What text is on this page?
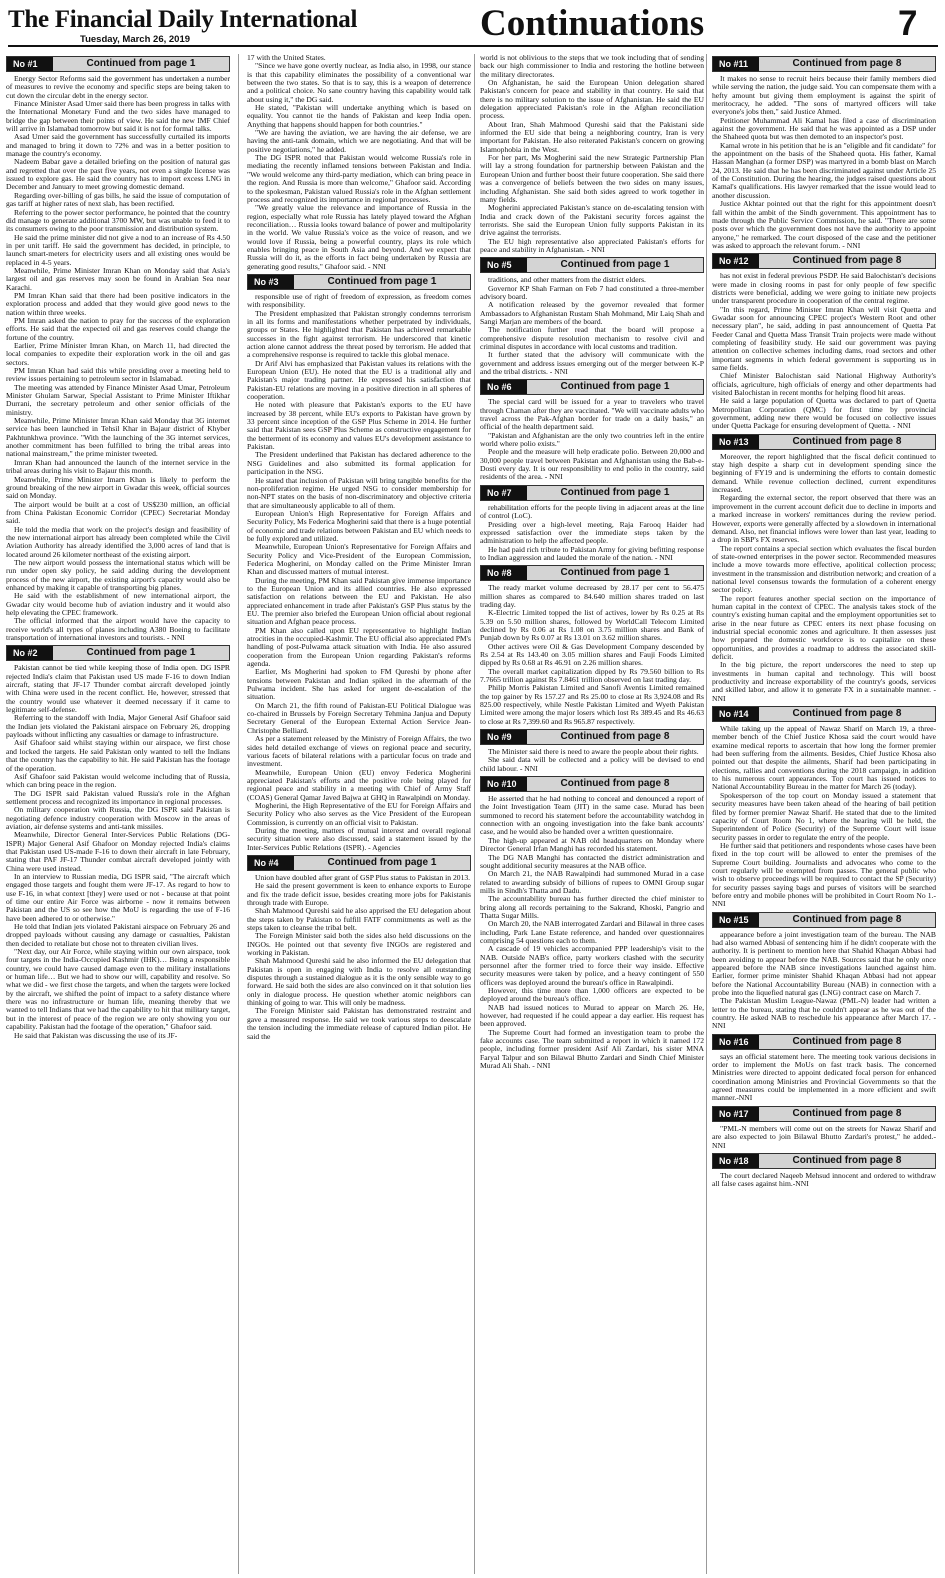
The Financial Daily International
Tuesday, March 26, 2019	Continuations	7
No #1	Continued from page 1

Energy Sector Reforms said the government has undertaken a number of measures to revive the economy and specific steps are being taken to cut down the circular debt in the energy sector.

Finance Minister Asad Umer said there has been progress in talks with the International Monetary Fund and the two sides have managed to bridge the gap between their points of view. He said the new IMF Chief will arrive in Islamabad tomorrow but said it is not for formal talks.

Asad Umer said the government has successfully curtailed its imports and managed to bring it down to 72% and was in a better position to manage the country's economy.

Nadeem Babar gave a detailed briefing on the position of natural gas and regretted that over the past five years, not even a single license was issued to explore gas. He said the country has to import excess LNG in December and January to meet growing domestic demand.

Regarding over-billing of gas bills, he said the issue of computation of gas tariff at higher rates of next slab, has been rectified.

Referring to the power sector performance, he pointed that the country did manage to generate additional 3700 MW, but was unable to feed it to its consumers owing to the poor transmission and distribution system.

He said the prime minister did not give a nod to an increase of Rs 4.50 in per unit tariff. He said the government has decided, in principle, to launch smart-meters for electricity users and all existing ones would be replaced in 4-5 years.

Meanwhile, Prime Minister Imran Khan on Monday said that Asia's largest oil and gas reserves may soon be found in Arabian Sea near Karachi.

PM Imran Khan said that there had been positive indicators in the exploration process and added that they would give good news to the nation within three weeks.

PM Imran asked the nation to pray for the success of the exploration efforts. He said that the expected oil and gas reserves could change the fortune of the country.

Earlier, Prime Minister Imran Khan, on March 11, had directed the local companies to expedite their exploration work in the oil and gas sectors.

PM Imran Khan had said this while presiding over a meeting held to review issues pertaining to petroleum sector in Islamabad.

The meeting was attended by Finance Minister Asad Umar, Petroleum Minister Ghulam Sarwar, Special Assistant to Prime Minister Iftikhar Durrani, the secretary petroleum and other senior officials of the ministry.

Meanwhile, Prime Minister Imran Khan said Monday that 3G internet service has been launched in Tehsil Khar in Bajaur district of Khyber Pakhtunkhwa province. "With the launching of the 3G internet services, another commitment has been fulfilled to bring the tribal areas into national mainstream," the prime minister tweeted.

Imran Khan had announced the launch of the internet service in the tribal areas during his visit to Bajaur this month.

Meanwhile, Prime Minister Imarn Khan is likely to perform the ground breaking of the new airport in Gwadar this week, official sources said on Monday.

The airport would be built at a cost of US$230 million, an official from China Pakistan Economic Corridor (CPEC) Secretariat Monday said.

He told the media that work on the project's design and feasibility of the new international airport has already been completed while the Civil Aviation Authority has already identified the 3,000 acres of land that is located around 26 kilometer northeast of the existing airport.

The new airport would possess the international status which will be run under open sky policy, he said adding during the development process of the new airport, the existing airport's capacity would also be enhanced by making it capable of transporting big planes.

He said with the establishment of new international airport, the Gwadar city would become hub of aviation industry and it would also help elevating the CPEC framework.

The official informed that the airport would have the capacity to receive world's all types of planes including A380 Boeing to facilitate transportation of international investors and tourists. - NNI

No #2	Continued from page 1

Pakistan cannot be tied while keeping those of India open. DG ISPR rejected India's claim that Pakistan used US made F-16 to down Indian aircraft, stating that JF-17 Thunder combat aircraft developed jointly with China were used in the recent conflict. He, however, stressed that the country would use whatever it deemed necessary if it came to legitimate self-defense.

Referring to the standoff with India, Major General Asif Ghafoor said the Indian jets violated the Pakistani airspace on February 26, dropping payloads without inflicting any casualties or damage to infrastructure.

Asif Ghafoor said whilst staying within our airspace, we first chose and locked the targets. He said Pakistan only wanted to tell the Indians that the country has the capability to hit. He said Pakistan has the footage of the operation.

Asif Ghafoor said Pakistan would welcome including that of Russia, which can bring peace in the region.

The DG ISPR said Pakistan valued Russia's role in the Afghan settlement process and recognized its importance in regional processes.

On military cooperation with Russia, the DG ISPR said Pakistan is negotiating defence industry cooperation with Moscow in the areas of aviation, air defense systems and anti-tank missiles.

Meanwhile, Director General Inter-Services Public Relations (DG-ISPR) Major General Asif Ghafoor on Monday rejected India's claims that Pakistan used US-made F-16 to down their aircraft in late February, stating that PAF JF-17 Thunder combat aircraft developed jointly with China were used instead.

In an interview to Russian media, DG ISPR said, "The aircraft which engaged those targets and fought them were JF-17. As regard to how to use F-16, in what context [they] were used or not - because at that point of time our entire Air Force was airborne - now it remains between Pakistan and the US so see how the MoU is regarding the use of F-16 have been adhered to or otherwise."

He told that Indian jets violated Pakistani airspace on February 26 and dropped payloads without causing any damage or casualties, Pakistan then decided to retaliate but chose not to threaten civilian lives.

"Next day, our Air Force, while staying within our own airspace, took four targets in the India-Occupied Kashmir (IHK)… Being a responsible country, we could have caused damage even to the military installations or human life… But we had to show our will, capability and resolve. So what we did - we first chose the targets, and when the targets were locked by the aircraft, we shifted the point of impact to a safety distance where there was no infrastructure or human life, meaning thereby that we wanted to tell Indians that we had the capability to hit that military target, but in the interest of peace of the region we are only showing you our capability. Pakistan had the footage of the operation," Ghafoor said.

He said that Pakistan was discussing the use of its JF-

17 with the United States.

"Since we have gone overtly nuclear, as India also, in 1998, our stance is that this capability eliminates the possibility of a conventional war between the two states. So that is to say, this is a weapon of deterrence and a political choice. No sane country having this capability would talk about using it," the DG said.

He stated, "Pakistan will undertake anything which is based on equality. You cannot tie the hands of Pakistan and keep India open. Anything that happens should happen for both countries."

"We are having the aviation, we are having the air defense, we are having the anti-tank domain, which we are negotiating. And that will be positive negotiations," he added.

The DG ISPR noted that Pakistan would welcome Russia's role in mediating the recently inflamed tensions between Pakistan and India. "We would welcome any third-party mediation, which can bring peace in the region. And Russia is more than welcome," Ghafoor said. According to the spokesman, Pakistan valued Russia's role in the Afghan settlement process and recognized its importance in regional processes.

"We greatly value the relevance and importance of Russia in the region, especially what role Russia has lately played toward the Afghan reconciliation… Russia looks toward balance of power and multipolarity in the world. We value Russia's voice as the voice of reason, and we would love if Russia, being a powerful country, plays its role which enables bringing peace in South Asia and beyond. And we expect that Russia will do it, as the efforts in fact being undertaken by Russia are generating good results," Ghafoor said. - NNI

No #3	Continued from page 1

responsible use of right of freedom of expression, as freedom comes with responsibility.

The President emphasized that Pakistan strongly condemns terrorism in all its forms and manifestations whether perpetrated by individuals, groups or States. He highlighted that Pakistan has achieved remarkable successes in the fight against terrorism. He underscored that kinetic action alone cannot address the threat posed by terrorism. He added that a comprehensive response is required to tackle this global menace.

Dr Arif Alvi has emphasized that Pakistan values its relations with the European Union (EU). He noted that the EU is a traditional ally and Pakistan's major trading partner. He expressed his satisfaction that Pakistan-EU relations are moving in a positive direction in all spheres of cooperation.

He noted with pleasure that Pakistan's exports to the EU have increased by 38 percent, while EU's exports to Pakistan have grown by 33 percent since inception of the GSP Plus Scheme in 2014. He further said that Pakistan sees GSP Plus Scheme as constructive engagement for the betterment of its economy and values EU's development assistance to Pakistan.

The President underlined that Pakistan has declared adherence to the NSG Guidelines and also submitted its formal application for participation in the NSG.

He stated that inclusion of Pakistan will bring tangible benefits for the non-proliferation regime. He urged NSG to consider membership for non-NPT states on the basis of non-discriminatory and objective criteria that are simultaneously applicable to all of them.

European Union's High Representative for Foreign Affairs and Security Policy, Ms Federica Mogherini said that there is a huge potential of economic and trade relations between Pakistan and EU which needs to be fully explored and utilized.

Meanwhile, European Union's Representative for Foreign Affairs and Security Policy and Vice-President of the European Commission, Federica Mogherini, on Monday called on the Prime Minister Imran Khan and discussed matters of mutual interest.

During the meeting, PM Khan said Pakistan give immense importance to the European Union and its allied countries. He also expressed satisfaction on relations between the EU and Pakistan. He also appreciated enhancement in trade after Pakistan's GSP Plus status by the EU. The premier also briefed the European Union official about regional situation and Afghan peace process.

PM Khan also called upon EU representative to highlight Indian atrocities in the occupied-Kashmir. The EU official also appreciated PM's handling of post-Pulwama attack situation with India. He also assured cooperation from the European Union regarding Pakistan's reforms agenda.

Earlier, Ms Mogherini had spoken to FM Qureshi by phone after tensions between Pakistan and Indian spiked in the aftermath of the Pulwama incident. She has asked for urgent de-escalation of the situation.

On March 21, the fifth round of Pakistan-EU Political Dialogue was co-chaired in Brussels by Foreign Secretary Tehmina Janjua and Deputy Secretary General of the European External Action Service Jean-Christophe Belliard.

As per a statement released by the Ministry of Foreign Affairs, the two sides held detailed exchange of views on regional peace and security, various facets of bilateral relations with a particular focus on trade and investment.

Meanwhile, European Union (EU) envoy Federica Mogherini appreciated Pakistan's efforts and the positive role being played for regional peace and stability in a meeting with Chief of Army Staff (COAS) General Qamar Javed Bajwa at GHQ in Rawalpindi on Monday.

Mogherini, the High Representative of the EU for Foreign Affairs and Security Policy who also serves as the Vice President of the European Commission, is currently on an official visit to Pakistan.

During the meeting, matters of mutual interest and overall regional security situation were also discussed, said a statement issued by the Inter-Services Public Relations (ISPR). - Agencies

No #4	Continued from page 1

Union have doubled after grant of GSP Plus status to Pakistan in 2013.

He said the present government is keen to enhance exports to Europe and fix the trade deficit issue, besides creating more jobs for Pakistanis through trade with Europe.

Shah Mahmood Qureshi said he also apprised the EU delegation about the steps taken by Pakistan to fulfill FATF commitments as well as the steps taken to cleanse the tribal belt.

The Foreign Minister said both the sides also held discussions on the INGOs. He pointed out that seventy five INGOs are registered and working in Pakistan.

Shah Mahmood Qureshi said he also informed the EU delegation that Pakistan is open in engaging with India to resolve all outstanding disputes through a sustained dialogue as it is the only sensible way to go forward. He said both the sides are also convinced on it that solution lies only in dialogue process. He question whether atomic neighbors can thinking of going to war. This will only be madness.

The Foreign Minister said Pakistan has demonstrated restraint and gave a measured response. He said we took various steps to deescalate the tension including the immediate release of captured Indian pilot. He said the

world is not oblivious to the steps that we took including that of sending back our high commissioner to India and restoring the hotline between the military directorates.

On Afghanistan, he said the European Union delegation shared Pakistan's concern for peace and stability in that country. He said that there is no military solution to the issue of Afghanistan. He said the EU delegation appreciated Pakistan's role in the Afghan reconciliation process.

About Iran, Shah Mahmood Qureshi said that the Pakistani side informed the EU side that being a neighboring country, Iran is very important for Pakistan. He also reiterated Pakistan's concern on growing Islamophobia in the West.

For her part, Ms Mogherini said the new Strategic Partnership Plan will lay a strong foundation for partnership between Pakistan and the European Union and further boost their future cooperation. She said there was a convergence of beliefs between the two sides on many issues, including Afghanistan. She said both sides agreed to work together in many fields.

Mogherini appreciated Pakistan's stance on de-escalating tension with India and crack down of the Pakistani security forces against the terrorists. She said the European Union fully supports Pakistan in its drive against the terrorists.

The EU high representative also appreciated Pakistan's efforts for peace and stability in Afghanistan. - NNI

No #5	Continued from page 1

traditions, and other matters from the district elders.

Governor KP Shah Farman on Feb 7 had constituted a three-member advisory board.

A notification released by the governor revealed that former Ambassadors to Afghanistan Rustam Shah Mohmand, Mir Laiq Shah and Sangi Marjan are members of the board.

The notification further read that the board will propose a comprehensive dispute resolution mechanism to resolve civil and criminal disputes in accordance with local customs and tradition.

It further stated that the advisory will communicate with the government and address issues emerging out of the merger between K-P and the tribal districts. - NNI

No #6	Continued from page 1

The special card will be issued for a year to travelers who travel through Chaman after they are vaccinated. "We will vaccinate adults who travel across the Pak-Afghan border for trade on a daily basis," an official of the health department said.

"Pakistan and Afghanistan are the only two countries left in the entire world where polio exists."

People and the measure will help eradicate polio. Between 20,000 and 30,000 people travel between Pakistan and Afghanistan using the Bab-e-Dosti every day. It is our responsibility to end polio in the country, said residents of the area. - NNI

No #7	Continued from page 1

rehabilitation efforts for the people living in adjacent areas at the line of control (LoC).

Presiding over a high-level meeting, Raja Farooq Haider had expressed satisfaction over the immediate steps taken by the administration to help the affected people.

He had paid rich tribute to Pakistan Army for giving befitting response to Indian aggression and lauded the morale of the nation. - NNI

No #8	Continued from page 1

The ready market volume decreased by 28.17 per cent to 56.475 million shares as compared to 84.640 million shares traded on last trading day.

K-Electric Limited topped the list of actives, lower by Rs 0.25 at Rs 5.39 on 5.50 million shares, followed by WorldCall Telecom Limited declined by Rs 0.06 at Rs 1.08 on 3.75 million shares and Bank of Punjab down by Rs 0.07 at Rs 13.01 on 3.62 million shares.

Other actives were Oil & Gas Development Company descended by Rs 2.54 at Rs 143.40 on 3.05 million shares and Fauji Foods Limited dipped by Rs 0.68 at Rs 46.91 on 2.26 million shares.

The overall market capitalization dipped by Rs 79.560 billion to Rs 7.7665 trillion against Rs 7.8461 trillion observed on last trading day.

Philip Morris Pakistan Limited and Sanofi Aventis Limited remained the top gainer by Rs 157.27 and Rs 25.00 to close at Rs 3,924.08 and Rs 825.00 respectively, while Nestle Pakistan Limited and Wyeth Pakistan Limited were among the major losers which lost Rs 389.45 and Rs 46.63 to close at Rs 7,399.60 and Rs 965.87 respectively.

No #9	Continued from page 8

The Minister said there is need to aware the people about their rights.

She said data will be collected and a policy will be devised to end child labour. - NNI

No #10	Continued from page 8

He asserted that he had nothing to conceal and denounced a report of the Joint Investigation Team (JIT) in the same case. Murad has been summoned to record his statement before the accountability watchdog in connection with an ongoing investigation into the fake bank accounts' case, and he would also be handed over a written questionnaire.

The high-up appeared at NAB old headquarters on Monday where Director General Irfan Manghi has recorded his statement.

The DG NAB Manghi has contacted the district administration and sought additional security measures at the NAB office.

On March 21, the NAB Rawalpindi had summoned Murad in a case related to awarding subsidy of billions of rupees to OMNI Group sugar mills in Sindh's Thatta and Dadu.

The accountability bureau has further directed the chief minister to bring along all records pertaining to the Sakrand, Khoski, Pangrio and Thatta Sugar Mills.

On March 20, the NAB interrogated Zardari and Bilawal in three cases including, Park Lane Estate reference, and handed over questionnaires comprising 54 questions each to them.

A cascade of 19 vehicles accompanied PPP leadership's visit to the NAB. Outside NAB's office, party workers clashed with the security personnel after the former tried to force their way inside. Effective security measures were taken by police, and a heavy contingent of 550 officers was deployed around the bureau's office in Rawalpindi.

However, this time more than 1,000 officers are expected to be deployed around the bureau's office.

NAB had issued notices to Murad to appear on March 26. He, however, had requested if he could appear a day earlier. His request has been approved.

The Supreme Court had formed an investigation team to probe the fake accounts case. The team submitted a report in which it named 172 people, including former president Asif Ali Zardari, his sister MNA Faryal Talpur and son Bilawal Bhutto Zardari and Sindh Chief Minister Murad Ali Shah. - NNI

No #11	Continued from page 8

It makes no sense to recruit heirs because their family members died while serving the nation, the judge said. You can compensate them with a hefty amount but giving them employment is against the spirit of meritocracy, he added. "The sons of martyred officers will take everyone's jobs then," said Justice Ahmed.

Petitioner Muhammad Ali Kamal has filed a case of discrimination against the government. He said that he was appointed as a DSP under the Shaheed quota but was then demoted to an inspector's post.

Kamal wrote in his petition that he is an "eligible and fit candidate" for the appointment on the basis of the Shaheed quota. His father, Kamal Hassan Manghan (a former DSP) was martyred in a bomb blast on March 24, 2013. He said that he has been discriminated against under Article 25 of the Constitution. During the hearing, the judges raised questions about Kamal's qualifications. His lawyer remarked that the issue would lead to another discussion.

Justice Akhtar pointed out that the right for this appointment doesn't fall within the ambit of the Sindh government. This appointment has to made through the Public Service Commission, he said. "There are some posts over which the government does not have the authority to appoint anyone," he remarked. The court disposed of the case and the petitioner was asked to approach the relevant forum. - NNI

No #12	Continued from page 8

has not exist in federal previous PSDP. He said Balochistan's decisions were made in closing rooms in past for only people of few specific districts were beneficial, adding we were going to initiate new projects under transparent procedure in cooperation of the central regime.

"In this regard, Prime Minister Imran Khan will visit Quetta and Gwadar soon for announcing CPEC project's Western Root and other necessary plan", he said, adding in past announcement of Quetta Pat Feeder Canal and Quetta Mass Transit Train projects were made without completing of feasibility study. He said our government was paying attention on collective schemes including dams, road sectors and other important segments in which federal government is supporting us in same fields.

Chief Minister Balochistan said National Highway Authority's officials, agriculture, high officials of energy and other departments had visited Balochistan in recent months for helping flood hit areas.

He said a large population of Quetta was declared to part of Quetta Metropolitan Corporation (QMC) for first time by provincial government, adding new there would be focused on collective issues under Quetta Package for ensuring development of Quetta. - NNI

No #13	Continued from page 8

Moreover, the report highlighted that the fiscal deficit continued to stay high despite a sharp cut in development spending since the beginning of FY19 and is undermining the efforts to contain domestic demand. While revenue collection declined, current expenditures increased.

Regarding the external sector, the report observed that there was an improvement in the current account deficit due to decline in imports and a marked increase in workers' remittances during the review period. However, exports were generally affected by a slowdown in international demand. Also, net financial inflows were lower than last year, leading to a drop in SBP's FX reserves.

The report contains a special section which evaluates the fiscal burden of state-owned enterprises in the power sector. Recommended measures include a move towards more effective, apolitical collection process; investment in the transmission and distribution network; and creation of a national level consensus towards the formulation of a coherent energy sector policy.

The report features another special section on the importance of human capital in the context of CPEC. The analysis takes stock of the country's existing human capital and the employment opportunities set to arise in the near future as CPEC enters its next phase focusing on industrial special economic zones and agriculture. It then assesses just how prepared the domestic workforce is to capitalize on these opportunities, and provides a roadmap to address the associated skill-deficit.

In the big picture, the report underscores the need to step up investments in human capital and technology. This will boost productivity and increase exportability of the country's goods, services and skilled labor, and allow it to generate FX in a sustainable manner. - NNI

No #14	Continued from page 8

While taking up the appeal of Nawaz Sharif on March 19, a three-member bench of the Chief Justice Khosa said the court would have examine medical reports to ascertain that how long the former premier had been suffering from the ailments. Besides, Chief Justice Khosa also pointed out that despite the ailments, Sharif had been participating in elections, rallies and conventions during the 2018 campaign, in addition to his numerous court appearances. Top court has issued notices to National Accountability Bureau in the matter for March 26 (today).

Spokesperson of the top court on Monday issued a statement that security measures have been taken ahead of the hearing of bail petition filed by former premier Nawaz Sharif. He stated that due to the limited capacity of Court Room No 1, where the hearing will be held, the Superintendent of Police (Security) of the Supreme Court will issue security passes in order to regulate the entry of the people.

He further said that petitioners and respondents whose cases have been fixed in the top court will be allowed to enter the premises of the Supreme Court building. Journalists and advocates who come to the court regularly will be exempted from passes. The general public who wish to observe proceedings will be required to contact the SP (Security) for security passes saying bags and purses of visitors will be searched before entry and mobile phones will be prohibited in Court Room No 1.-NNI

No #15	Continued from page 8

appearance before a joint investigation team of the bureau. The NAB had also warned Abbasi of sentencing him if he didn't cooperate with the authority. It is pertinent to mention here that Shahid Khaqan Abbasi had been avoiding to appear before the NAB. Sources said that he only once appeared before the NAB since investigations launched against him. Earlier, former prime minister Shahid Khaqan Abbasi had not appear before the National Accountability Bureau (NAB) in connection with a probe into the liquefied natural gas (LNG) contract case on March 7.

The Pakistan Muslim League-Nawaz (PML-N) leader had written a letter to the bureau, stating that he couldn't appear as he was out of the country. He asked NAB to reschedule his appearance after March 17. - NNI

No #16	Continued from page 8

says an official statement here. The meeting took various decisions in order to implement the MoUs on fast track basis. The concerned Ministries were directed to appoint dedicated focal person for enhanced coordination among Ministries and Provincial Governments so that the agreed measures could be implemented in a more efficient and swift manner.-NNI

No #17	Continued from page 8

"PML-N members will come out on the streets for Nawaz Sharif and are also expected to join Bilawal Bhutto Zardari's protest," he added.-NNI

No #18	Continued from page 8

The court declared Naqeeb Mehsud innocent and ordered to withdraw all false cases against him.-NNI
